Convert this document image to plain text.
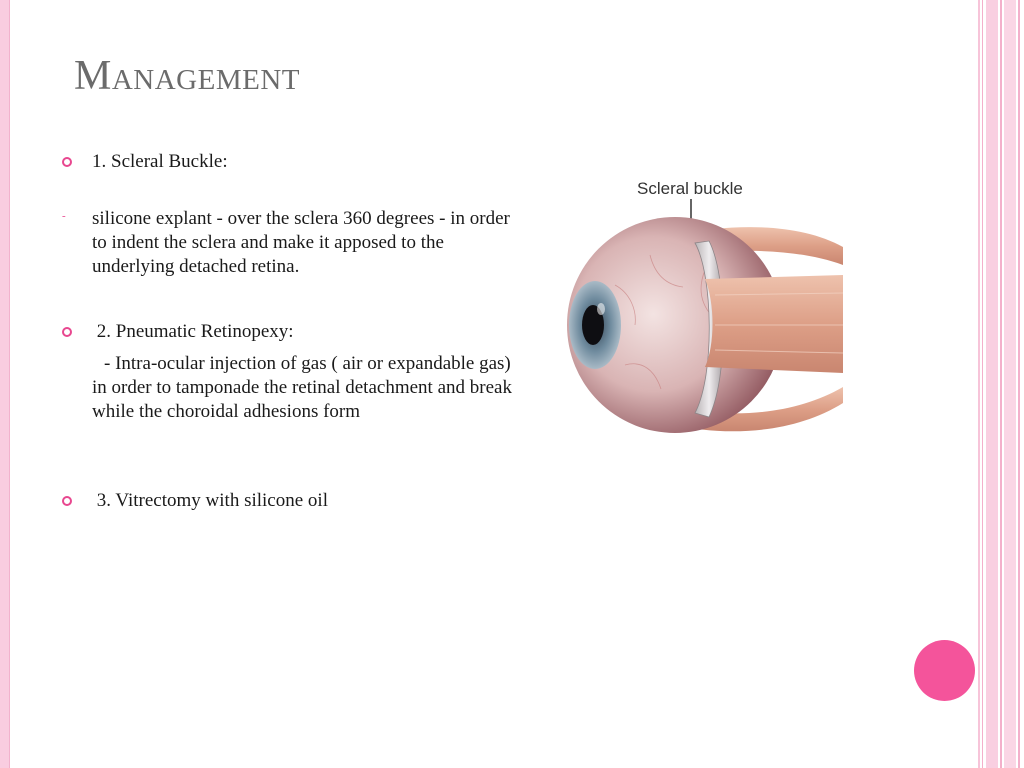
Management
1. Scleral Buckle:
- silicone explant - over the sclera 360 degrees - in order to indent the sclera and make it apposed to the underlying detached retina.
2. Pneumatic Retinopexy:
- Intra-ocular injection of gas ( air or expandable gas) in order to tamponade the retinal detachment and break while the choroidal adhesions form
3. Vitrectomy with silicone oil
Scleral buckle
